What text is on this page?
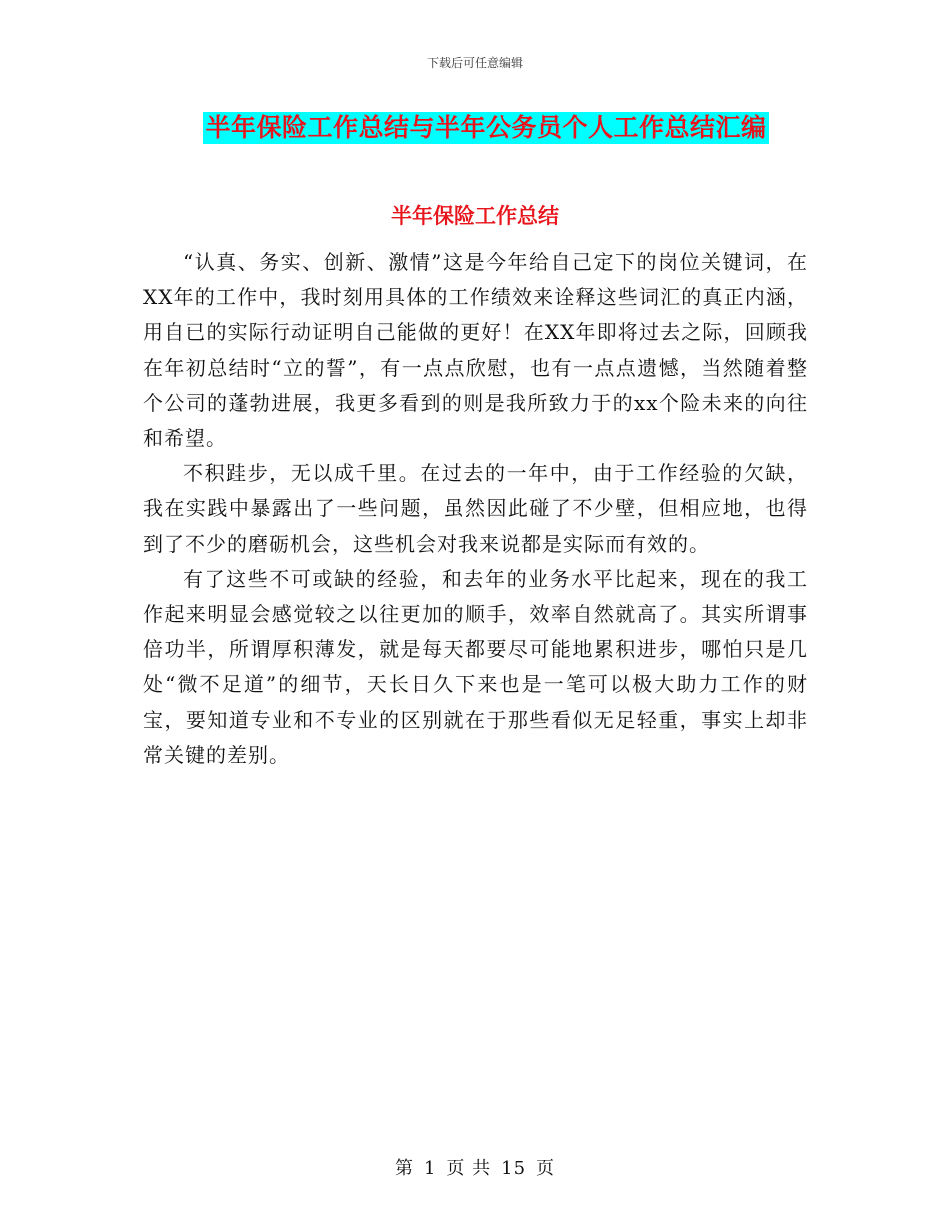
下载后可任意编辑
半年保险工作总结与半年公务员个人工作总结汇编
半年保险工作总结

“认真、务实、创新、激情”这是今年给自己定下的岗位关键词，在XX年的工作中，我时刻用具体的工作绩效来诠释这些词汇的真正内涵，用自已的实际行动证明自己能做的更好！在XX年即将过去之际，回顾我在年初总结时“立的誓”，有一点点欣慰，也有一点点遗憾，当然随着整个公司的蓬勃进展，我更多看到的则是我所致力于的xx个险未来的向往和希望。

不积跬步，无以成千里。在过去的一年中，由于工作经验的欠缺，我在实践中暴露出了一些问题，虽然因此碰了不少壁，但相应地，也得到了不少的磨砺机会，这些机会对我来说都是实际而有效的。

有了这些不可或缺的经验，和去年的业务水平比起来，现在的我工作起来明显会感觉较之以往更加的顺手，效率自然就高了。其实所谓事倍功半，所谓厚积薄发，就是每天都要尽可能地累积进步，哪怕只是几处“微不足道”的细节，天长日久下来也是一笔可以极大助力工作的财宝，要知道专业和不专业的区别就在于那些看似无足轻重，事实上却非常关键的差别。

第 1 页 共 15 页
